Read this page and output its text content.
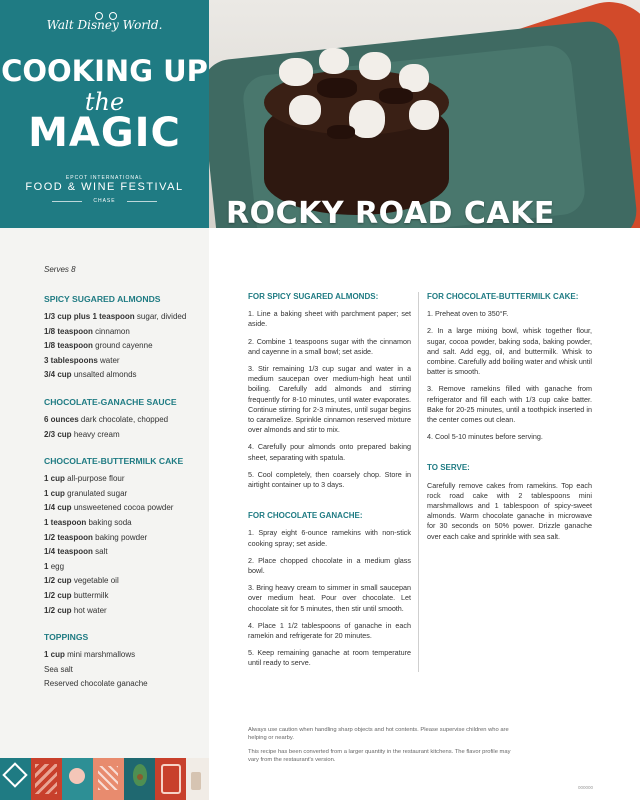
Walt Disney World.
COOKING UP
the
MAGIC
EPCOT INTERNATIONAL
FOOD & WINE FESTIVAL
CHASE	ROCKY ROAD CAKE
Serves 8
SPICY SUGARED ALMONDS
1/3 cup plus 1 teaspoon sugar, divided
1/8 teaspoon cinnamon
1/8 teaspoon ground cayenne
3 tablespoons water
3/4 cup unsalted almonds
CHOCOLATE-GANACHE SAUCE
6 ounces dark chocolate, chopped
2/3 cup heavy cream
CHOCOLATE-BUTTERMILK CAKE
1 cup all-purpose flour
1 cup granulated sugar
1/4 cup unsweetened cocoa powder
1 teaspoon baking soda
1/2 teaspoon baking powder
1/4 teaspoon salt
1 egg
1/2 cup vegetable oil
1/2 cup buttermilk
1/2 cup hot water
TOPPINGS
1 cup mini marshmallows
Sea salt
Reserved chocolate ganache
FOR SPICY SUGARED ALMONDS:

1. Line a baking sheet with parchment paper; set aside.

2. Combine 1 teaspoons sugar with the cinnamon and cayenne in a small bowl; set aside.

3. Stir remaining 1/3 cup sugar and water in a medium saucepan over medium-high heat until boiling. Carefully add almonds and stirring frequently for 8-10 minutes, until water evaporates. Continue stirring for 2-3 minutes, until sugar begins to caramelize. Sprinkle cinnamon reserved mixture over almonds and stir to mix.

4. Carefully pour almonds onto prepared baking sheet, separating with spatula.

5. Cool completely, then coarsely chop. Store in airtight container up to 3 days.

FOR CHOCOLATE GANACHE:

1. Spray eight 6-ounce ramekins with non-stick cooking spray; set aside.

2. Place chopped chocolate in a medium glass bowl.

3. Bring heavy cream to simmer in small saucepan over medium heat. Pour over chocolate. Let chocolate sit for 5 minutes, then stir until smooth.

4. Place 1 1/2 tablespoons of ganache in each ramekin and refrigerate for 20 minutes.

5. Keep remaining ganache at room temperature until ready to serve.

FOR CHOCOLATE-BUTTERMILK CAKE:

1. Preheat oven to 350°F.

2. In a large mixing bowl, whisk together flour, sugar, cocoa powder, baking soda, baking powder, and salt. Add egg, oil, and buttermilk. Whisk to combine. Carefully add boiling water and whisk until batter is smooth.

3. Remove ramekins filled with ganache from refrigerator and fill each with 1/3 cup cake batter. Bake for 20-25 minutes, until a toothpick inserted in the center comes out clean.

4. Cool 5-10 minutes before serving.

TO SERVE:

Carefully remove cakes from ramekins. Top each rock road cake with 2 tablespoons mini marshmallows and 1 tablespoon of spicy-sweet almonds. Warm chocolate ganache in microwave for 30 seconds on 50% power. Drizzle ganache over each cake and sprinkle with sea salt.

Always use caution when handling sharp objects and hot contents. Please supervise children who are helping or nearby.

This recipe has been converted from a larger quantity in the restaurant kitchens. The flavor profile may vary from the restaurant's version.

000000
